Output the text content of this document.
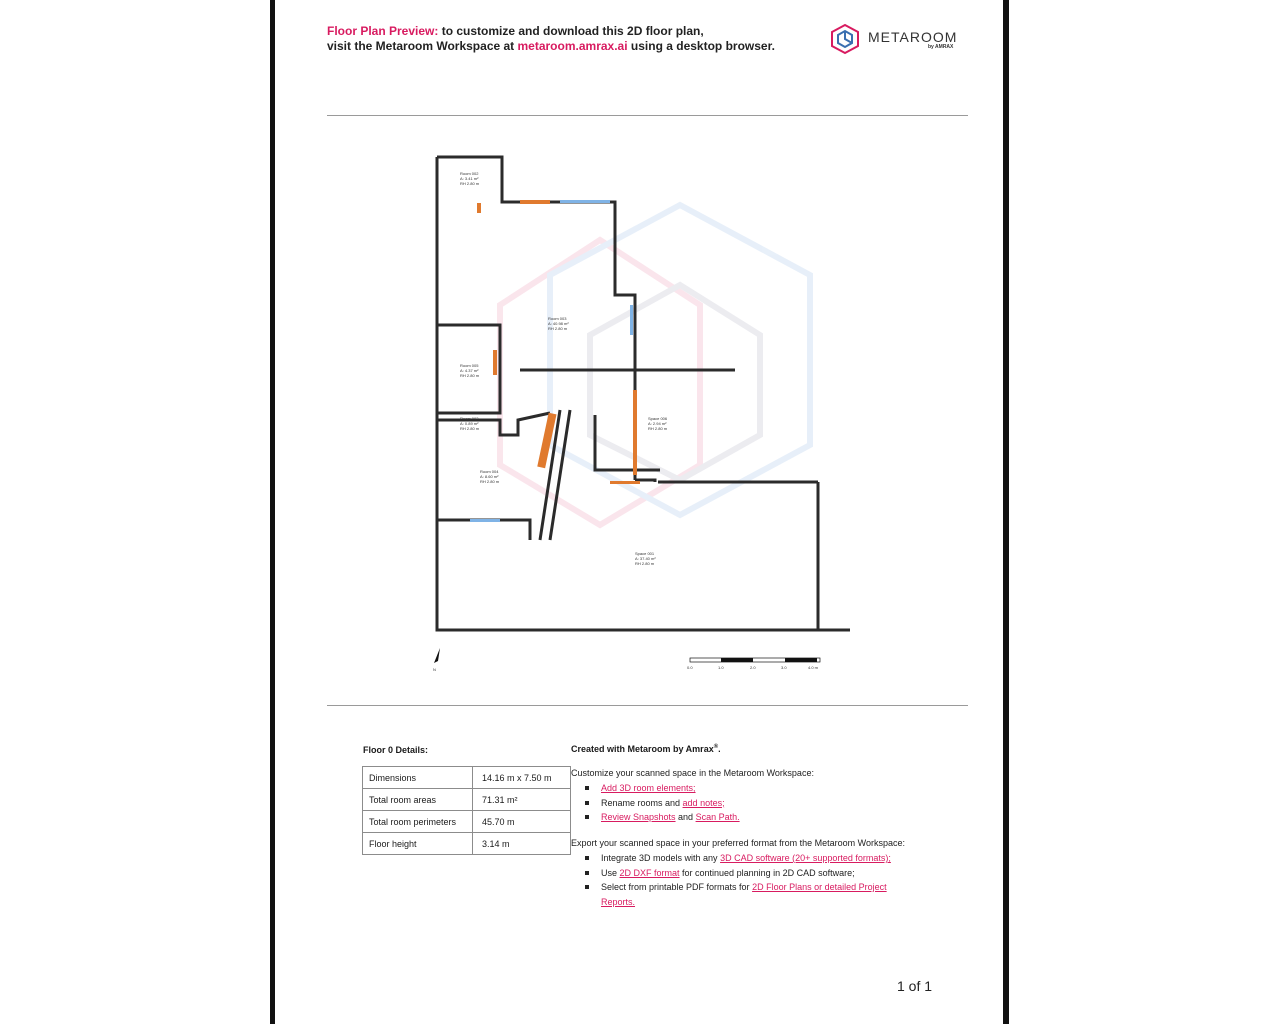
Floor Plan Preview: to customize and download this 2D floor plan,
visit the Metaroom Workspace at metaroom.amrax.ai using a desktop browser.
METAROOM
by AMRAX
Room 002
A: 3.41 m²
RH 2.80 m
Room 003
A: 40.98 m²
RH 2.80 m
Room 005
A: 4.37 m²
RH 2.80 m
Room 003
A: 0.89 m²
RH 2.80 m
Space 006
A: 2.94 m²
RH 2.80 m
Room 004
A: 8.60 m²
RH 2.80 m
Space 001
A: 37.40 m²
RH 2.80 m
N	0.0	1.0	2.0	3.0	4.0 m
Floor 0 Details:
Dimensions	14.16 m x 7.50 m
Total room areas	71.31 m²
Total room perimeters	45.70 m
Floor height	3.14 m
Created with Metaroom by Amrax®.
Customize your scanned space in the Metaroom Workspace:
Add 3D room elements;
Rename rooms and add notes;
Review Snapshots and Scan Path.
Export your scanned space in your preferred format from the Metaroom Workspace:
Integrate 3D models with any 3D CAD software (20+ supported formats);
Use 2D DXF format for continued planning in 2D CAD software;
Select from printable PDF formats for 2D Floor Plans or detailed Project Reports.
1 of 1
